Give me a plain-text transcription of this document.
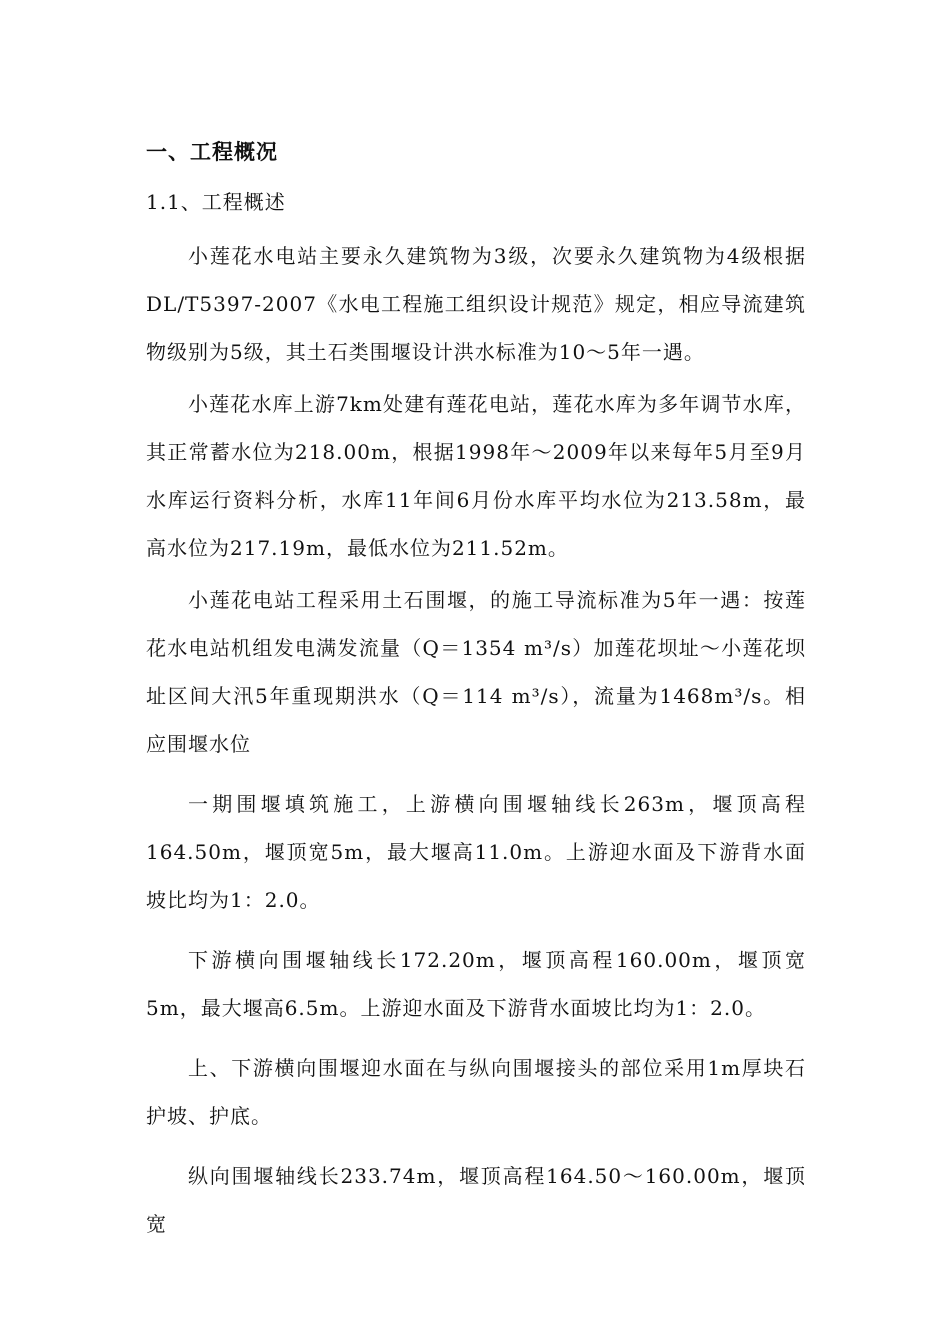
一、工程概况
1.1、工程概述

小莲花水电站主要永久建筑物为3级，次要永久建筑物为4级根据DL/T5397-2007《水电工程施工组织设计规范》规定，相应导流建筑物级别为5级，其土石类围堰设计洪水标准为10～5年一遇。

小莲花水库上游7km处建有莲花电站，莲花水库为多年调节水库，其正常蓄水位为218.00m，根据1998年～2009年以来每年5月至9月水库运行资料分析，水库11年间6月份水库平均水位为213.58m，最高水位为217.19m，最低水位为211.52m。

小莲花电站工程采用土石围堰，的施工导流标准为5年一遇：按莲花水电站机组发电满发流量（Q＝1354 m³/s）加莲花坝址～小莲花坝址区间大汛5年重现期洪水（Q＝114 m³/s），流量为1468m³/s。相应围堰水位

一期围堰填筑施工，上游横向围堰轴线长263m，堰顶高程164.50m，堰顶宽5m，最大堰高11.0m。上游迎水面及下游背水面坡比均为1：2.0。

下游横向围堰轴线长172.20m，堰顶高程160.00m，堰顶宽5m，最大堰高6.5m。上游迎水面及下游背水面坡比均为1：2.0。

上、下游横向围堰迎水面在与纵向围堰接头的部位采用1m厚块石护坡、护底。

纵向围堰轴线长233.74m，堰顶高程164.50～160.00m，堰顶宽
